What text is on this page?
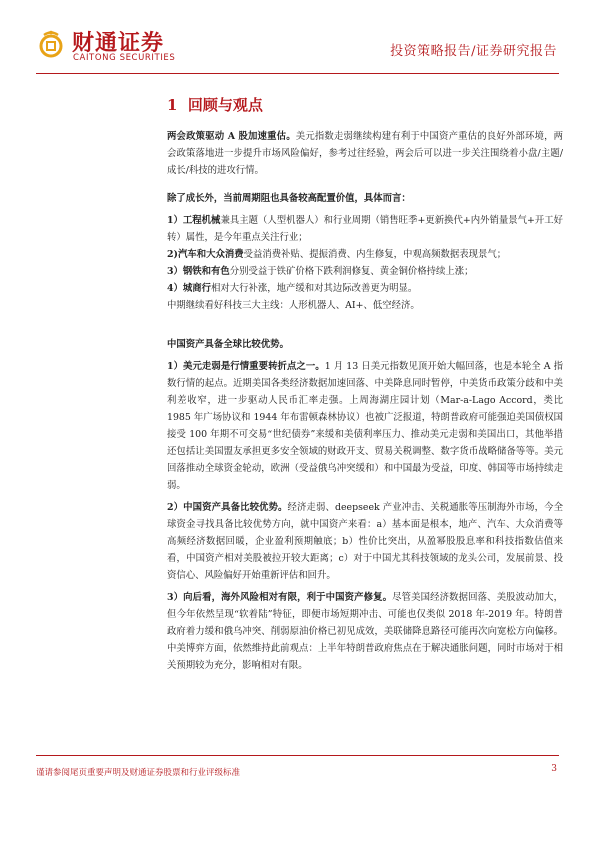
财通证券
CAITONG SECURITIES	投资策略报告/证券研究报告
1 回顾与观点

两会政策驱动 A 股加速重估。美元指数走弱继续构建有利于中国资产重估的良好外部环境，两会政策落地进一步提升市场风险偏好，参考过往经验，两会后可以进一步关注围绕着小盘/主题/成长/科技的进攻行情。

除了成长外，当前周期阻也具备较高配置价值，具体而言：

1）工程机械兼具主题（人型机器人）和行业周期（销售旺季+更新换代+内外销量景气+开工好转）属性，是今年重点关注行业；

2)汽车和大众消费受益消费补贴、提振消费、内生修复，中观高频数据表现景气；

3）钢铁和有色分别受益于铁矿价格下跌利润修复、黄金铜价格持续上涨；

4）城商行相对大行补涨，地产缓和对其边际改善更为明显。

中期继续看好科技三大主线：人形机器人、AI+、低空经济。

中国资产具备全球比较优势。

1）美元走弱是行情重要转折点之一。1 月 13 日美元指数见顶开始大幅回落，也是本轮全 A 指数行情的起点。近期美国各类经济数据加速回落、中美降息同时暂停，中美货币政策分歧和中美利差收窄，进一步驱动人民币汇率走强。上周海湖庄园计划（Mar-a-Lago Accord，类比 1985 年广场协议和 1944 年布雷顿森林协议）也被广泛报道，特朗普政府可能强迫美国债权国接受 100 年期不可交易“世纪债券”来缓和美债利率压力、推动美元走弱和美国出口，其他举措还包括让美国盟友承担更多安全领域的财政开支、贸易关税调整、数字货币战略储备等等。美元回落推动全球资金轮动，欧洲（受益俄乌冲突缓和）和中国最为受益，印度、韩国等市场持续走弱。

2）中国资产具备比较优势。经济走弱、deepseek 产业冲击、关税通胀等压制海外市场，今全球资金寻找具备比较优势方向，就中国资产来看：a）基本面是根本，地产、汽车、大众消费等高频经济数据回暖，企业盈利预期触底；b）性价比突出，从盈幂股股息率和科技指数估值来看，中国资产相对美股被拉开较大距离；c）对于中国尤其科技领域的龙头公司，发展前景、投资信心、风险偏好开始重新评估和回升。

3）向后看，海外风险相对有限，利于中国资产修复。尽管美国经济数据回落、美股波动加大，但今年依然呈现“软着陆”特征，即便市场短期冲击、可能也仅类似 2018 年-2019 年。特朗普政府着力缓和俄乌冲突、削弱原油价格已初见成效，美联储降息路径可能再次向宽松方向偏移。中美博弈方面，依然维持此前观点：上半年特朗普政府焦点在于解决通胀问题，同时市场对于相关预期较为充分，影响相对有限。

谨请参阅尾页重要声明及财通证券股票和行业评级标准	3
